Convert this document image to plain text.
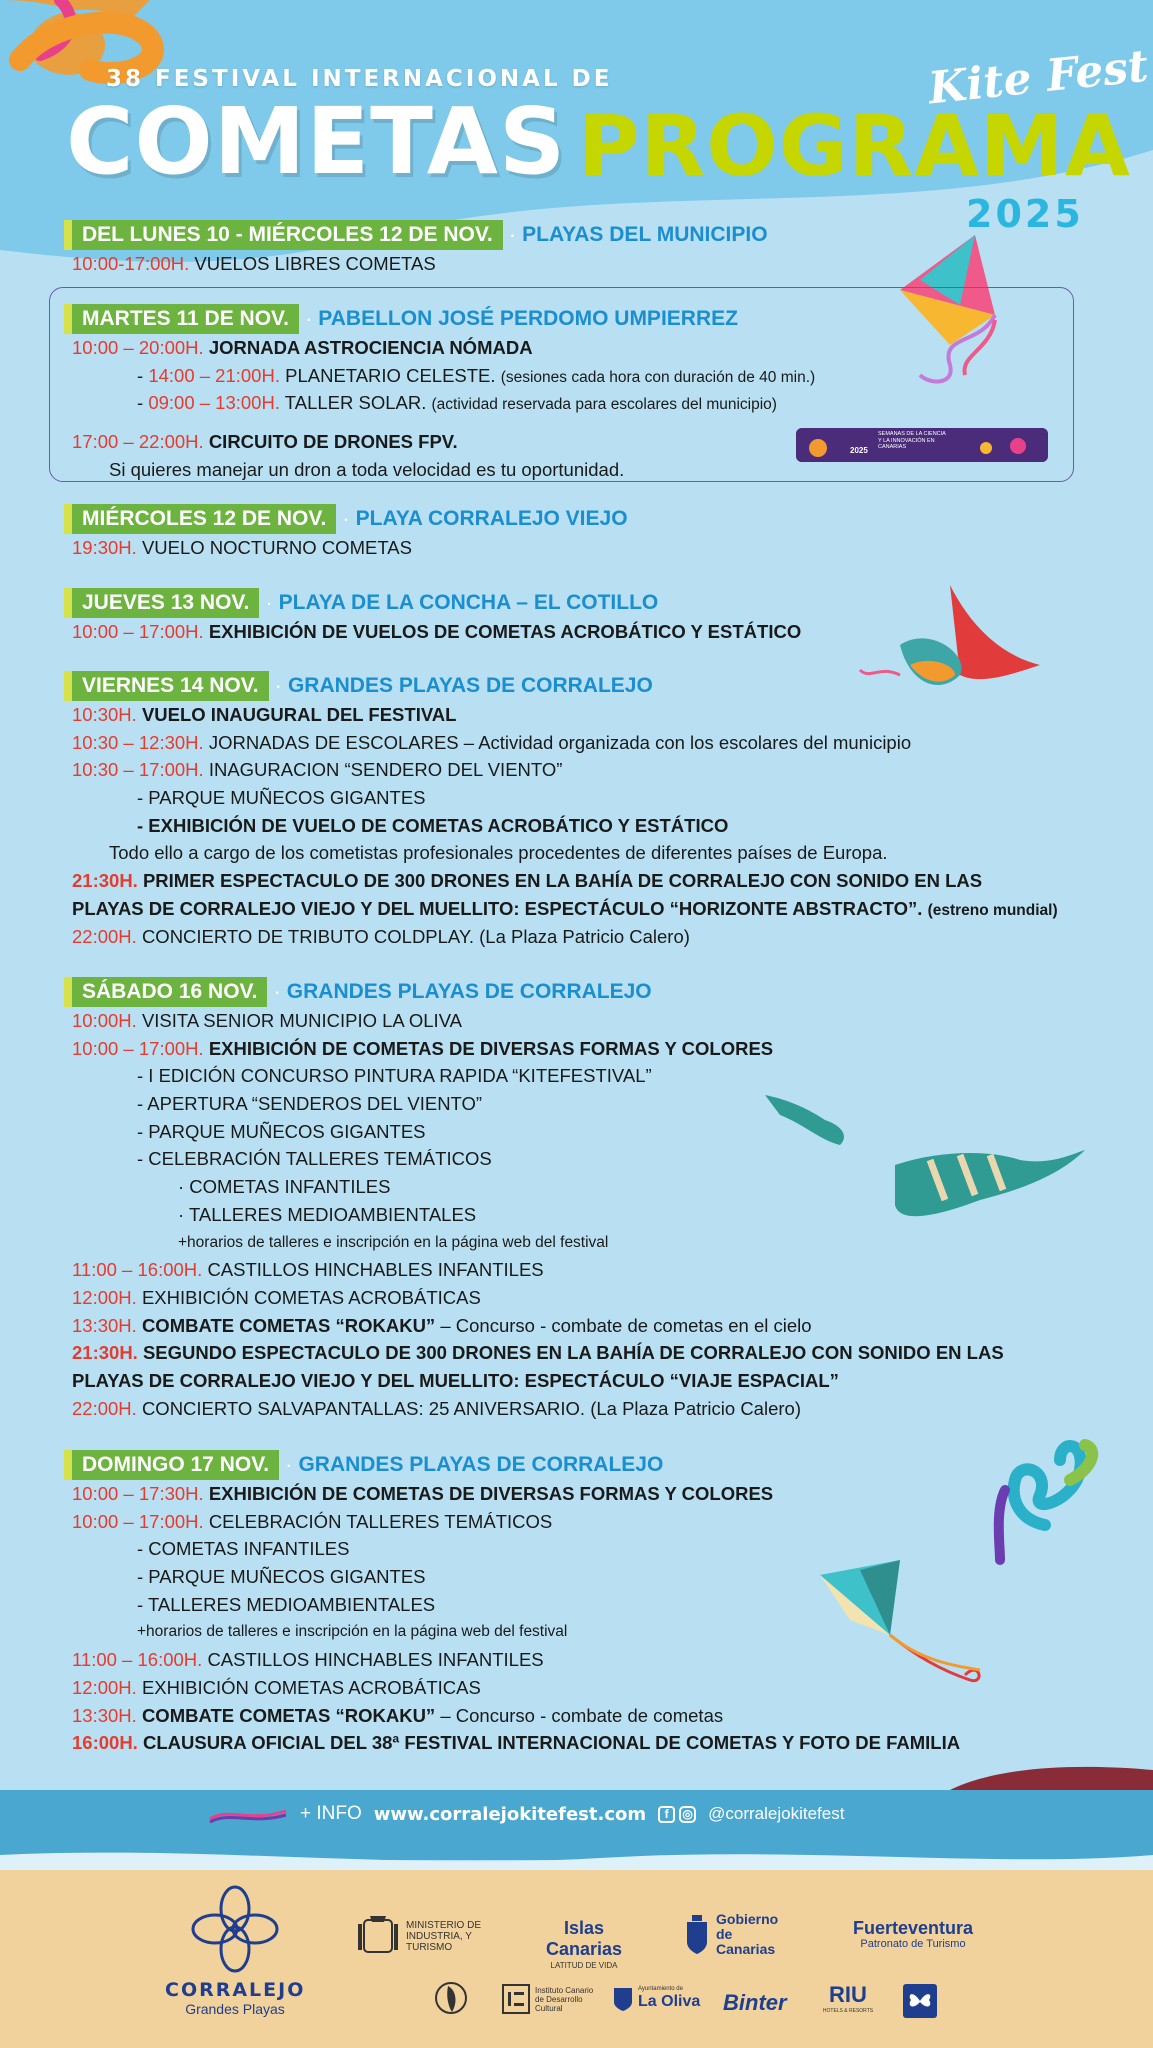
38 FESTIVAL INTERNACIONAL DE
COMETAS PROGRAMA
Kite Fest
2025
DEL LUNES 10 - MIÉRCOLES 12 DE NOV. · PLAYAS DEL MUNICIPIO
10:00-17:00H. VUELOS LIBRES COMETAS
MARTES 11 DE NOV. · PABELLON JOSÉ PERDOMO UMPIERREZ
10:00 – 20:00H. JORNADA ASTROCIENCIA NÓMADA
- 14:00 – 21:00H. PLANETARIO CELESTE. (sesiones cada hora con duración de 40 min.)
- 09:00 – 13:00H. TALLER SOLAR. (actividad reservada para escolares del municipio)
17:00 – 22:00H. CIRCUITO DE DRONES FPV.
Si quieres manejar un dron a toda velocidad es tu oportunidad.
2025
SEMANAS DE LA CIENCIA Y LA INNOVACIÓN EN CANARIAS
MIÉRCOLES 12 DE NOV. · PLAYA CORRALEJO VIEJO
19:30H. VUELO NOCTURNO COMETAS
JUEVES 13 NOV. · PLAYA DE LA CONCHA – EL COTILLO
10:00 – 17:00H. EXHIBICIÓN DE VUELOS DE COMETAS ACROBÁTICO Y ESTÁTICO
VIERNES 14 NOV. · GRANDES PLAYAS DE CORRALEJO
10:30H. VUELO INAUGURAL DEL FESTIVAL
10:30 – 12:30H. JORNADAS DE ESCOLARES – Actividad organizada con los escolares del municipio
10:30 – 17:00H. INAGURACION “SENDERO DEL VIENTO”
- PARQUE MUÑECOS GIGANTES
- EXHIBICIÓN DE VUELO DE COMETAS ACROBÁTICO Y ESTÁTICO
Todo ello a cargo de los cometistas profesionales procedentes de diferentes países de Europa.
21:30H. PRIMER ESPECTACULO DE 300 DRONES EN LA BAHÍA DE CORRALEJO CON SONIDO EN LAS
PLAYAS DE CORRALEJO VIEJO Y DEL MUELLITO: ESPECTÁCULO “HORIZONTE ABSTRACTO”. (estreno mundial)
22:00H. CONCIERTO DE TRIBUTO COLDPLAY. (La Plaza Patricio Calero)
SÁBADO 16 NOV. · GRANDES PLAYAS DE CORRALEJO
10:00H. VISITA SENIOR MUNICIPIO LA OLIVA
10:00 – 17:00H. EXHIBICIÓN DE COMETAS DE DIVERSAS FORMAS Y COLORES
- I EDICIÓN CONCURSO PINTURA RAPIDA “KITEFESTIVAL”
- APERTURA “SENDEROS DEL VIENTO”
- PARQUE MUÑECOS GIGANTES
- CELEBRACIÓN TALLERES TEMÁTICOS
· COMETAS INFANTILES
· TALLERES MEDIOAMBIENTALES
+horarios de talleres e inscripción en la página web del festival
11:00 – 16:00H. CASTILLOS HINCHABLES INFANTILES
12:00H. EXHIBICIÓN COMETAS ACROBÁTICAS
13:30H. COMBATE COMETAS “ROKAKU” – Concurso - combate de cometas en el cielo
21:30H. SEGUNDO ESPECTACULO DE 300 DRONES EN LA BAHÍA DE CORRALEJO CON SONIDO EN LAS
PLAYAS DE CORRALEJO VIEJO Y DEL MUELLITO: ESPECTÁCULO “VIAJE ESPACIAL”
22:00H. CONCIERTO SALVAPANTALLAS: 25 ANIVERSARIO. (La Plaza Patricio Calero)
DOMINGO 17 NOV. · GRANDES PLAYAS DE CORRALEJO
10:00 – 17:30H. EXHIBICIÓN DE COMETAS DE DIVERSAS FORMAS Y COLORES
10:00 – 17:00H. CELEBRACIÓN TALLERES TEMÁTICOS
- COMETAS INFANTILES
- PARQUE MUÑECOS GIGANTES
- TALLERES MEDIOAMBIENTALES
+horarios de talleres e inscripción en la página web del festival
11:00 – 16:00H. CASTILLOS HINCHABLES INFANTILES
12:00H. EXHIBICIÓN COMETAS ACROBÁTICAS
13:30H. COMBATE COMETAS “ROKAKU” – Concurso - combate de cometas
16:00H. CLAUSURA OFICIAL DEL 38ª FESTIVAL INTERNACIONAL DE COMETAS Y FOTO DE FAMILIA
+ INFO www.corralejokitefest.com	f	◎ @corralejokitefest
CORRALEJO
Grandes Playas
MINISTERIO DE INDUSTRIA, Y TURISMO
Islas Canarias
LATITUD DE VIDA
Gobierno de Canarias
Fuerteventura
Patronato de Turismo
Instituto Canario de Desarrollo Cultural
Ayuntamiento de
La Oliva Binter	RIU
HOTELS & RESORTS
